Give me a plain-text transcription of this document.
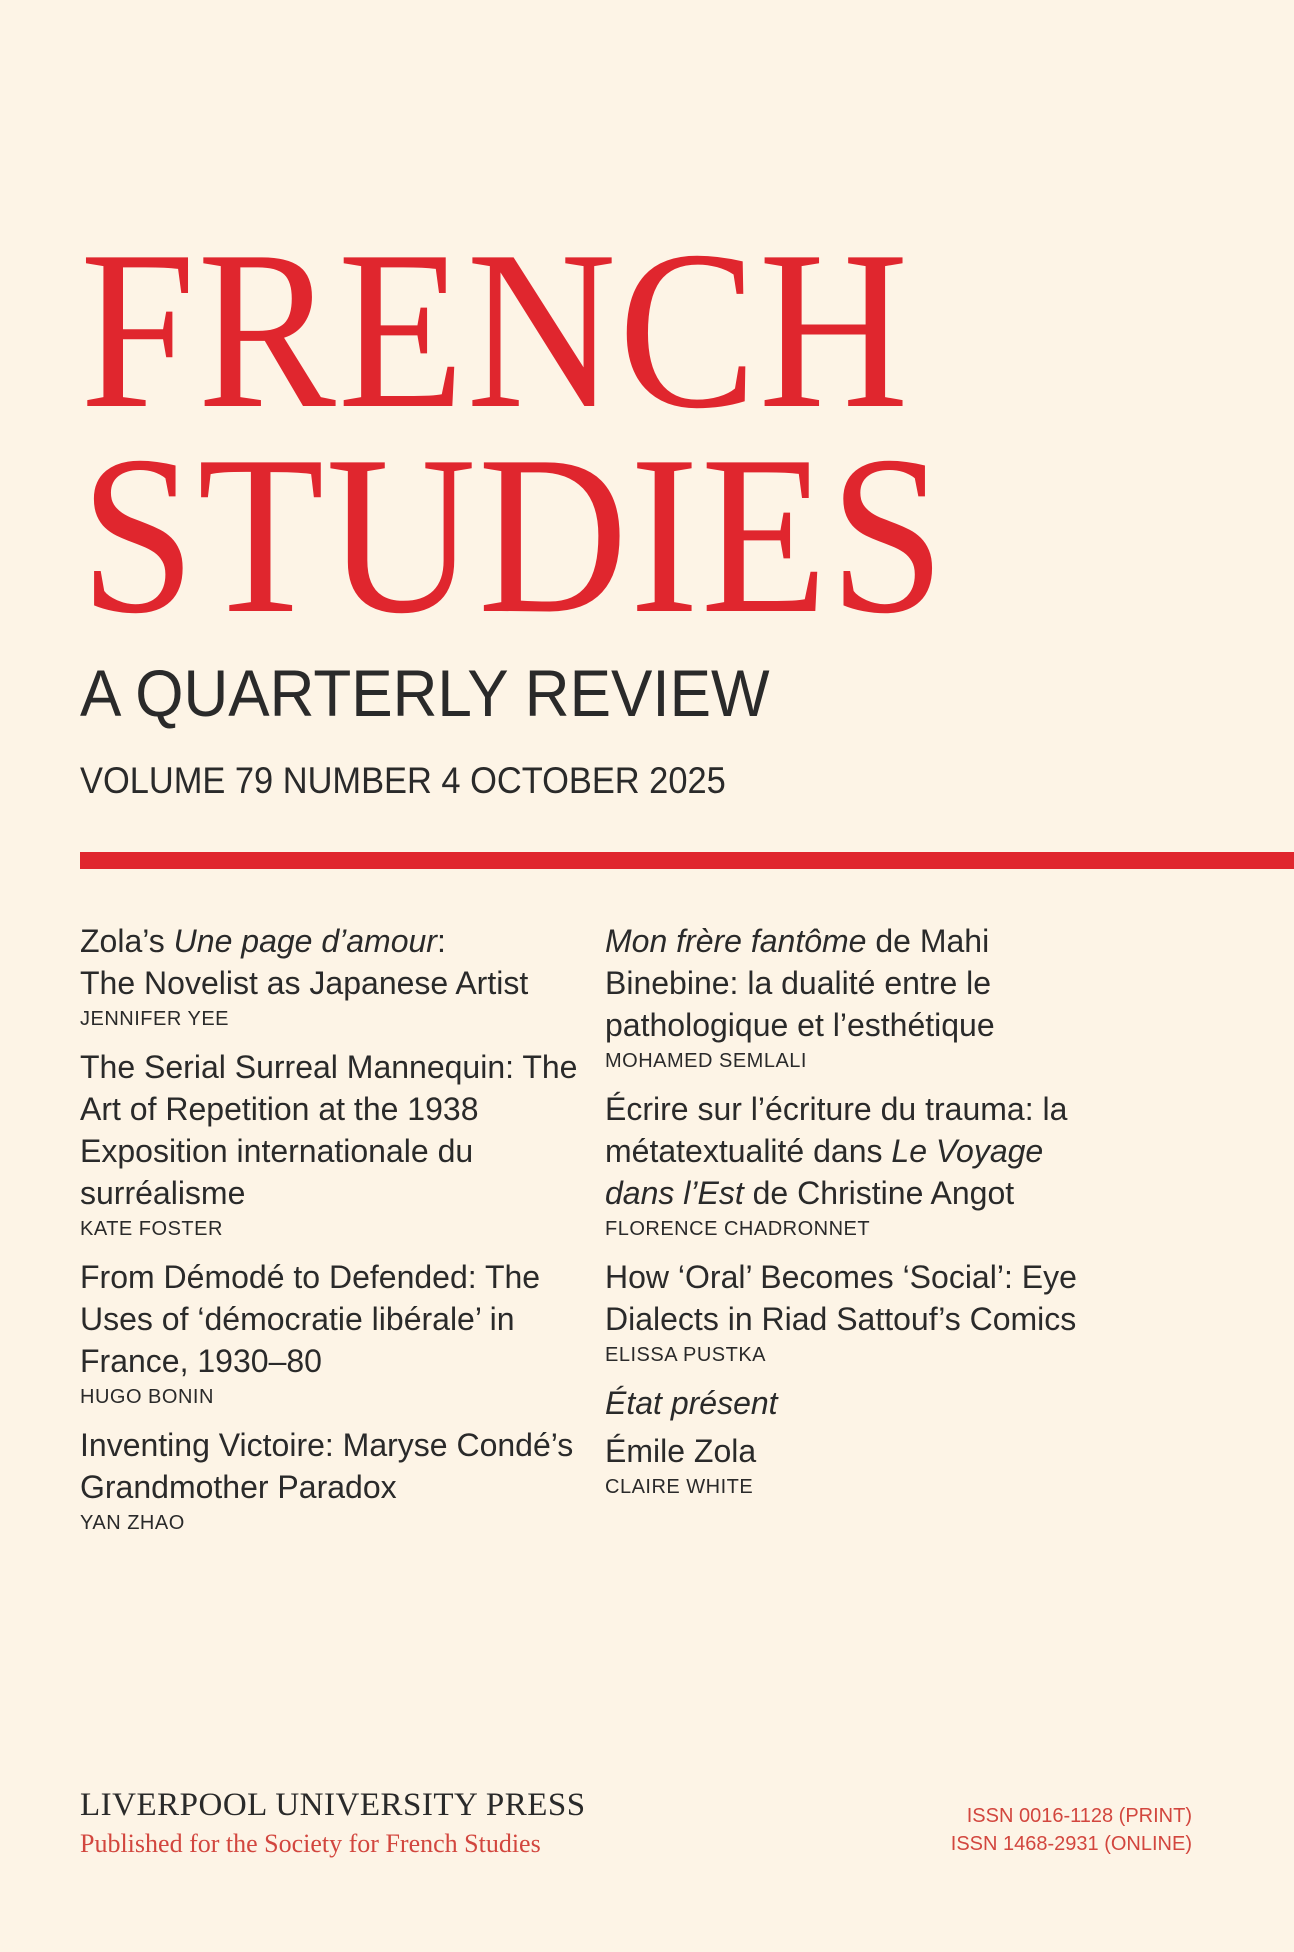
FRENCH
STUDIES
A QUARTERLY REVIEW
VOLUME 79 NUMBER 4 OCTOBER 2025

Zola’s Une page d’amour:
The Novelist as Japanese Artist

JENNIFER YEE

The Serial Surreal Mannequin: The Art of Repetition at the 1938 Exposition internationale du surréalisme

KATE FOSTER

From Démodé to Defended: The Uses of ‘démocratie libérale’ in France, 1930–80

HUGO BONIN

Inventing Victoire: Maryse Condé’s Grandmother Paradox

YAN ZHAO

Mon frère fantôme de Mahi Binebine: la dualité entre le pathologique et l’esthétique

MOHAMED SEMLALI

Écrire sur l’écriture du trauma: la métatextualité dans Le Voyage dans l’Est de Christine Angot

FLORENCE CHADRONNET

How ‘Oral’ Becomes ‘Social’: Eye Dialects in Riad Sattouf’s Comics

ELISSA PUSTKA

État présent

Émile Zola

CLAIRE WHITE
LIVERPOOL UNIVERSITY PRESS
Published for the Society for French Studies
ISSN 0016-1128 (PRINT)
ISSN 1468-2931 (ONLINE)
